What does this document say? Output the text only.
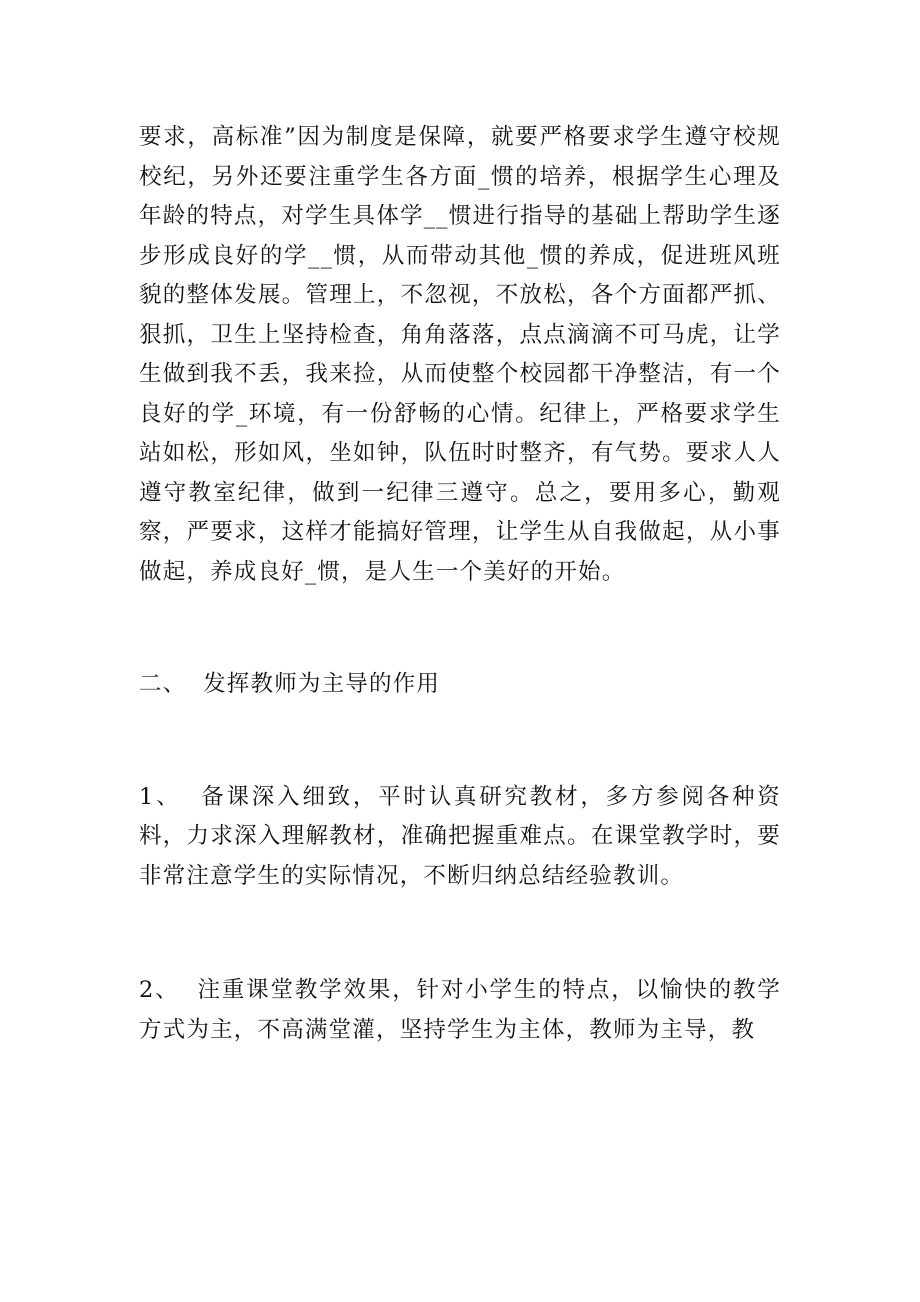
要求，高标准”因为制度是保障，就要严格要求学生遵守校规校纪，另外还要注重学生各方面_惯的培养，根据学生心理及年龄的特点，对学生具体学__惯进行指导的基础上帮助学生逐步形成良好的学__惯，从而带动其他_惯的养成，促进班风班貌的整体发展。管理上，不忽视，不放松，各个方面都严抓、狠抓，卫生上坚持检查，角角落落，点点滴滴不可马虎，让学生做到我不丢，我来捡，从而使整个校园都干净整洁，有一个良好的学_环境，有一份舒畅的心情。纪律上，严格要求学生站如松，形如风，坐如钟，队伍时时整齐，有气势。要求人人遵守教室纪律，做到一纪律三遵守。总之，要用多心，勤观察，严要求，这样才能搞好管理，让学生从自我做起，从小事做起，养成良好_惯，是人生一个美好的开始。

二、  发挥教师为主导的作用

1、  备课深入细致，平时认真研究教材，多方参阅各种资料，力求深入理解教材，准确把握重难点。在课堂教学时，要非常注意学生的实际情况，不断归纳总结经验教训。

2、  注重课堂教学效果，针对小学生的特点，以愉快的教学方式为主，不高满堂灌，坚持学生为主体，教师为主导，教
